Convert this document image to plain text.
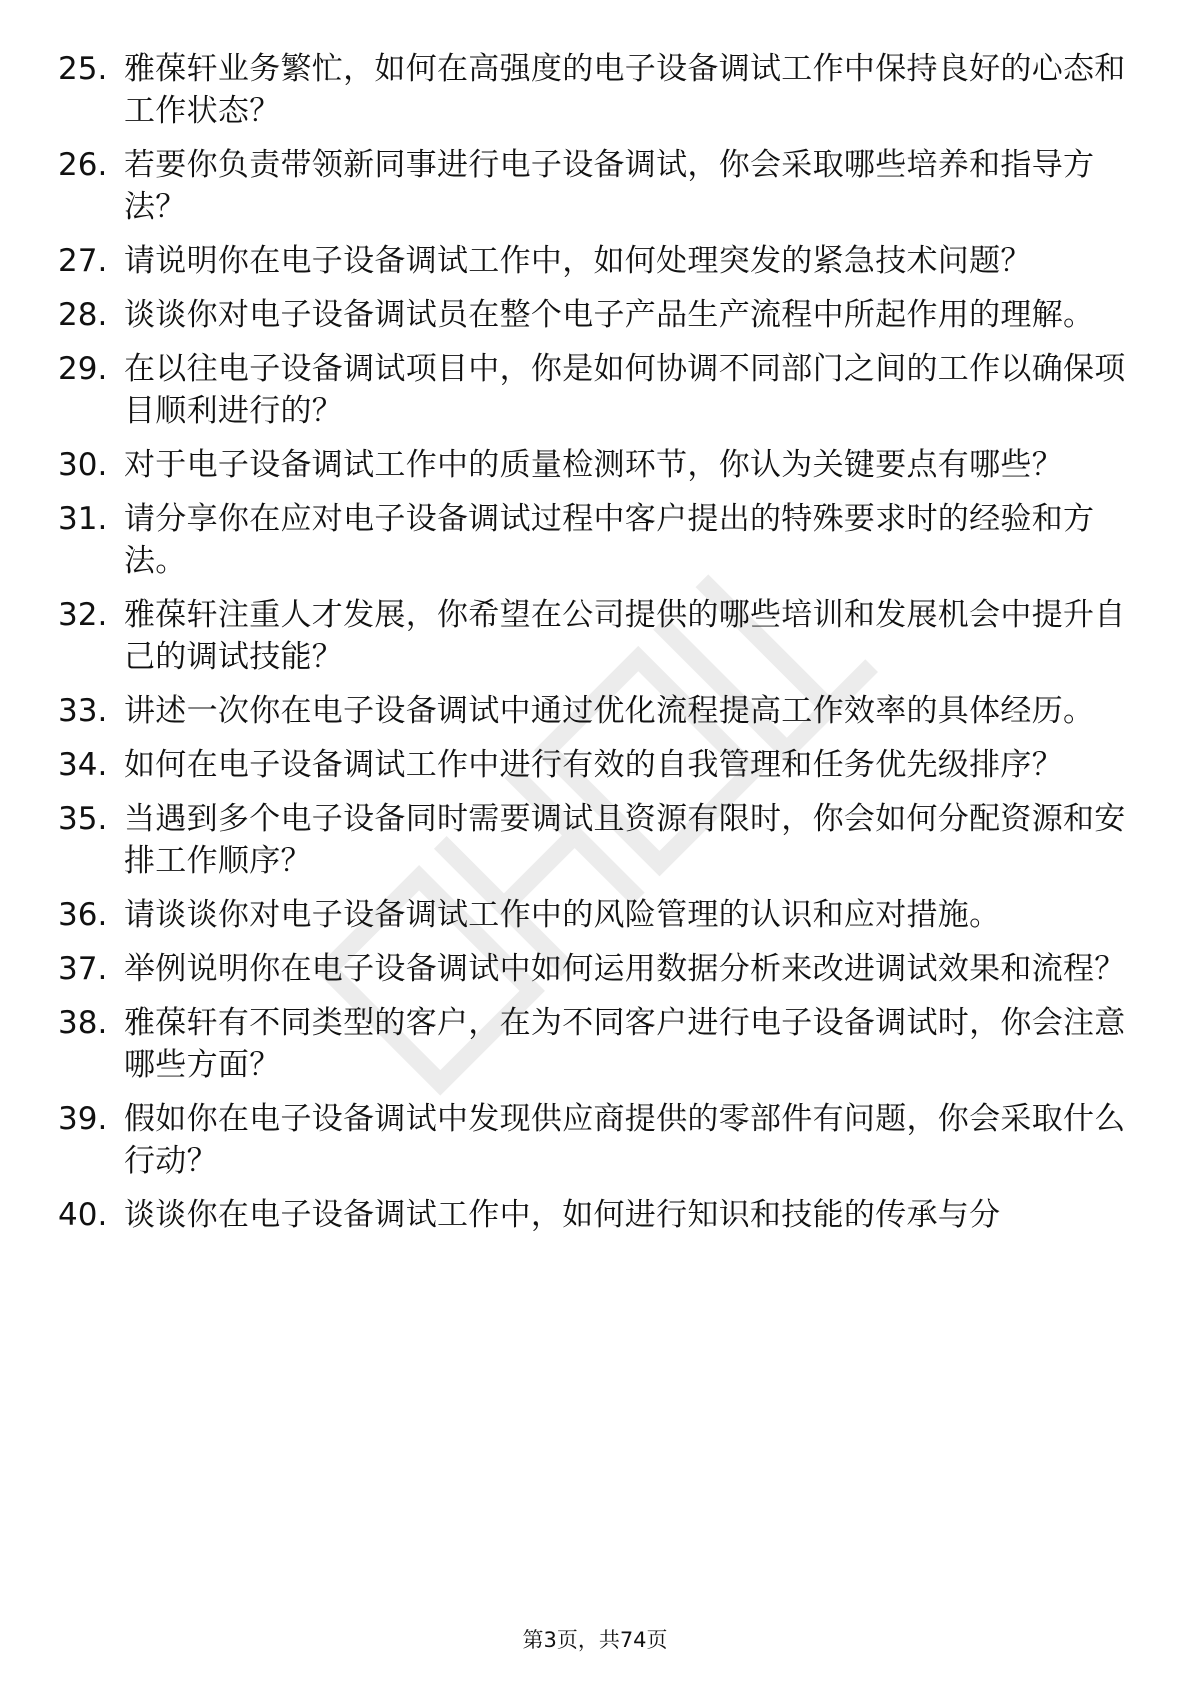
25. 雅葆轩业务繁忙，如何在高强度的电子设备调试工作中保持良好的心态和工作状态？
26. 若要你负责带领新同事进行电子设备调试，你会采取哪些培养和指导方法？
27. 请说明你在电子设备调试工作中，如何处理突发的紧急技术问题？
28. 谈谈你对电子设备调试员在整个电子产品生产流程中所起作用的理解。
29. 在以往电子设备调试项目中，你是如何协调不同部门之间的工作以确保项目顺利进行的？
30. 对于电子设备调试工作中的质量检测环节，你认为关键要点有哪些？
31. 请分享你在应对电子设备调试过程中客户提出的特殊要求时的经验和方法。
32. 雅葆轩注重人才发展，你希望在公司提供的哪些培训和发展机会中提升自己的调试技能？
33. 讲述一次你在电子设备调试中通过优化流程提高工作效率的具体经历。
34. 如何在电子设备调试工作中进行有效的自我管理和任务优先级排序？
35. 当遇到多个电子设备同时需要调试且资源有限时，你会如何分配资源和安排工作顺序？
36. 请谈谈你对电子设备调试工作中的风险管理的认识和应对措施。
37. 举例说明你在电子设备调试中如何运用数据分析来改进调试效果和流程？
38. 雅葆轩有不同类型的客户，在为不同客户进行电子设备调试时，你会注意哪些方面？
39. 假如你在电子设备调试中发现供应商提供的零部件有问题，你会采取什么行动？
40. 谈谈你在电子设备调试工作中，如何进行知识和技能的传承与分
第3页，共74页
